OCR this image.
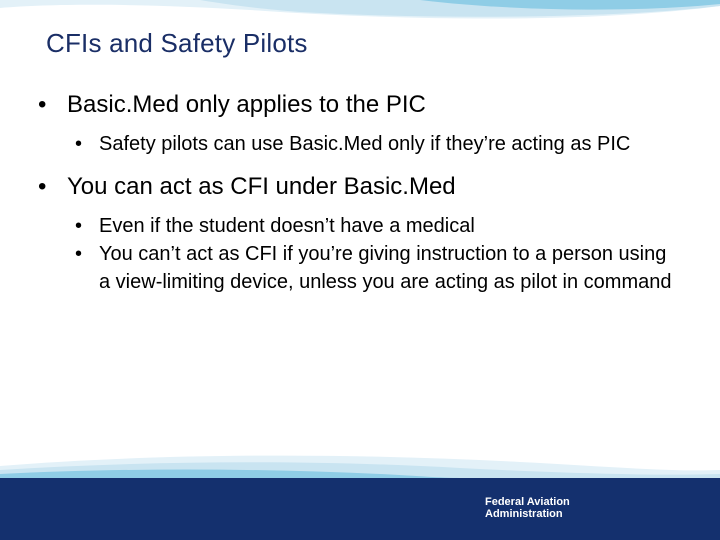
CFIs and Safety Pilots
• Basic.Med only applies to the PIC
• Safety pilots can use Basic.Med only if they’re acting as PIC
• You can act as CFI under Basic.Med
• Even if the student doesn’t have a medical
• You can’t act as CFI if you’re giving instruction to a person using a view-limiting device, unless you are acting as pilot in command
Federal Aviation
Administration
